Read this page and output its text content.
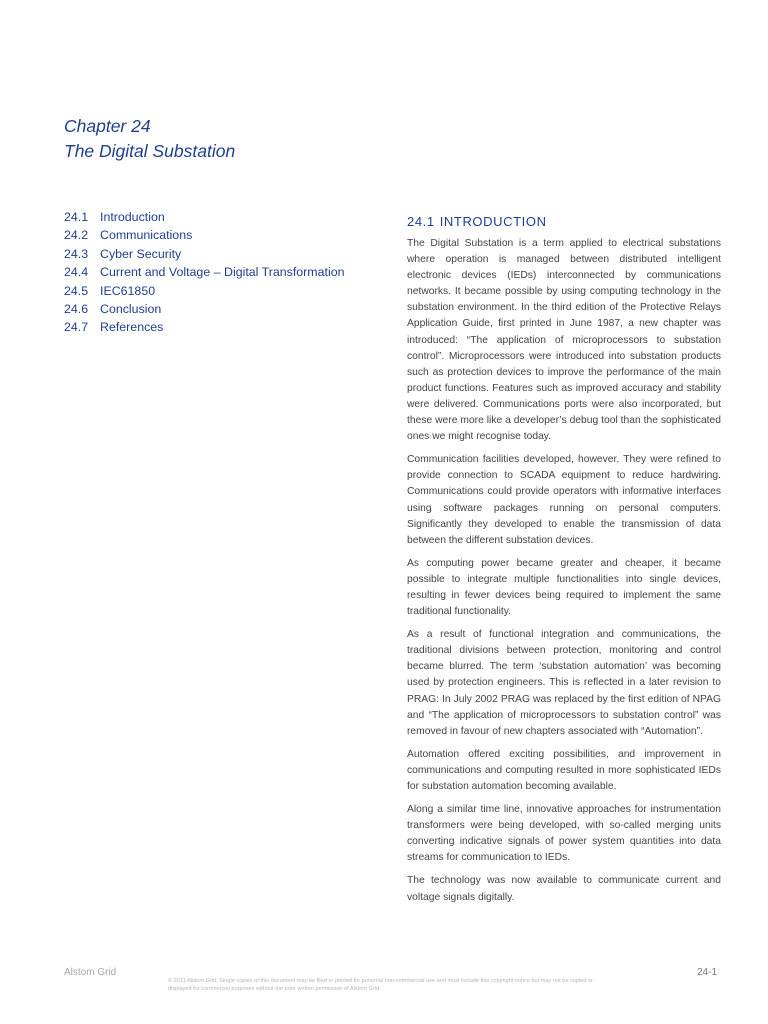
Chapter 24
The Digital Substation
24.1 Introduction
24.2 Communications
24.3 Cyber Security
24.4 Current and Voltage – Digital Transformation
24.5 IEC61850
24.6 Conclusion
24.7 References
24.1 INTRODUCTION

The Digital Substation is a term applied to electrical substations where operation is managed between distributed intelligent electronic devices (IEDs) interconnected by communications networks. It became possible by using computing technology in the substation environment. In the third edition of the Protective Relays Application Guide, first printed in June 1987, a new chapter was introduced: “The application of microprocessors to substation control”. Microprocessors were introduced into substation products such as protection devices to improve the performance of the main product functions. Features such as improved accuracy and stability were delivered. Communications ports were also incorporated, but these were more like a developer’s debug tool than the sophisticated ones we might recognise today.

Communication facilities developed, however. They were refined to provide connection to SCADA equipment to reduce hardwiring. Communications could provide operators with informative interfaces using software packages running on personal computers. Significantly they developed to enable the transmission of data between the different substation devices.

As computing power became greater and cheaper, it became possible to integrate multiple functionalities into single devices, resulting in fewer devices being required to implement the same traditional functionality.

As a result of functional integration and communications, the traditional divisions between protection, monitoring and control became blurred. The term ‘substation automation’ was becoming used by protection engineers. This is reflected in a later revision to PRAG: In July 2002 PRAG was replaced by the first edition of NPAG and “The application of microprocessors to substation control” was removed in favour of new chapters associated with “Automation”.

Automation offered exciting possibilities, and improvement in communications and computing resulted in more sophisticated IEDs for substation automation becoming available.

Along a similar time line, innovative approaches for instrumentation transformers were being developed, with so-called merging units converting indicative signals of power system quantities into data streams for communication to IEDs.

The technology was now available to communicate current and voltage signals digitally.

Alstom Grid
© 2011 Alstom Grid. Single copies of this document may be filed or printed for personal non-commercial use and must include this copyright notice but may not be copied or displayed for commercial purposes without the prior written permission of Alstom Grid.
24-1
